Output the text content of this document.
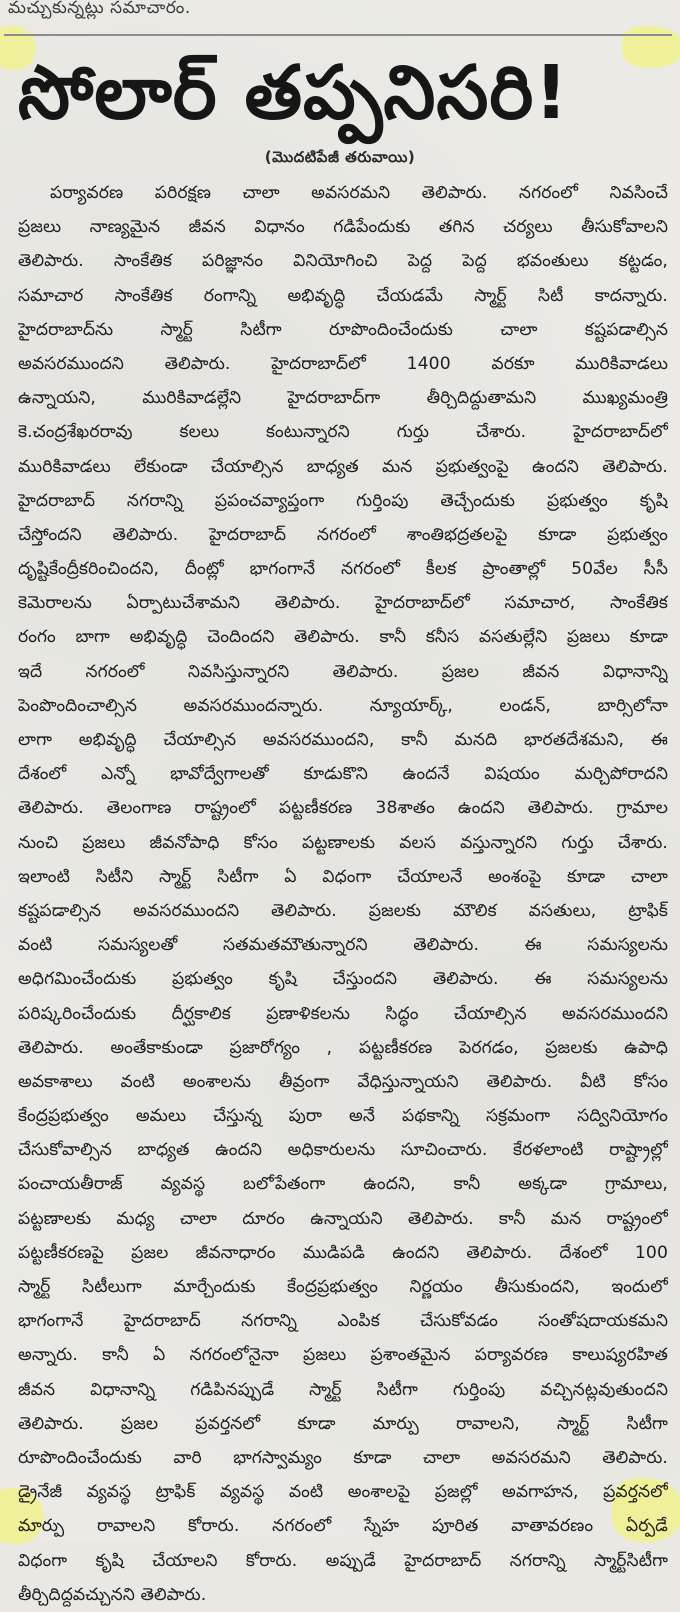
మచ్చుకున్నట్లు సమాచారం.
సోలార్ తప్పనిసరి!
(మొదటిపేజీ తరువాయి)
పర్యావరణ పరిరక్షణ చాలా అవసరమని తెలిపారు. నగరంలో నివసించే
ప్రజలు నాణ్యమైన జీవన విధానం గడిపేందుకు తగిన చర్యలు తీసుకోవాలని
తెలిపారు. సాంకేతిక పరిజ్ఞానం వినియోగించి పెద్ద పెద్ద భవంతులు కట్టడం,
సమాచార సాంకేతిక రంగాన్ని అభివృద్ధి చేయడమే స్మార్ట్ సిటీ కాదన్నారు.
హైదరాబాద్‌ను స్మార్ట్ సిటీగా రూపొందించేందుకు చాలా కష్టపడాల్సిన
అవసరముందని తెలిపారు. హైదరాబాద్‌లో 1400 వరకూ మురికివాడలు
ఉన్నాయని, మురికివాడల్లేని హైదరాబాద్‌గా తీర్చిదిద్దుతామని ముఖ్యమంత్రి
కె.చంద్రశేఖరరావు కలలు కంటున్నారని గుర్తు చేశారు. హైదరాబాద్‌లో
మురికివాడలు లేకుండా చేయాల్సిన బాధ్యత మన ప్రభుత్వంపై ఉందని తెలిపారు.
హైదరాబాద్ నగరాన్ని ప్రపంచవ్యాప్తంగా గుర్తింపు తెచ్చేందుకు ప్రభుత్వం కృషి
చేస్తోందని తెలిపారు. హైదరాబాద్ నగరంలో శాంతిభద్రతలపై కూడా ప్రభుత్వం
దృష్టికేంద్రీకరించిందని, దీంట్లో భాగంగానే నగరంలో కీలక ప్రాంతాల్లో 50వేల సీసీ
కెమెరాలను ఏర్పాటుచేశామని తెలిపారు. హైదరాబాద్‌లో సమాచార, సాంకేతిక
రంగం బాగా అభివృద్ధి చెందిందని తెలిపారు. కానీ కనీస వసతుల్లేని ప్రజలు కూడా
ఇదే నగరంలో నివసిస్తున్నారని తెలిపారు. ప్రజల జీవన విధానాన్ని
పెంపొందించాల్సిన అవసరముందన్నారు. న్యూయార్క్, లండన్, బార్సిలోనా
లాగా అభివృద్ధి చేయాల్సిన అవసరముందని, కానీ మనది భారతదేశమని, ఈ
దేశంలో ఎన్నో భావోద్వేగాలతో కూడుకొని ఉందనే విషయం మర్చిపోరాదని
తెలిపారు. తెలంగాణ రాష్ట్రంలో పట్టణీకరణ 38శాతం ఉందని తెలిపారు. గ్రామాల
నుంచి ప్రజలు జీవనోపాధి కోసం పట్టణాలకు వలస వస్తున్నారని గుర్తు చేశారు.
ఇలాంటి సిటీని స్మార్ట్ సిటీగా ఏ విధంగా చేయాలనే అంశంపై కూడా చాలా
కష్టపడాల్సిన అవసరముందని తెలిపారు. ప్రజలకు మౌలిక వసతులు, ట్రాఫిక్
వంటి సమస్యలతో సతమతమౌతున్నారని తెలిపారు. ఈ సమస్యలను
అధిగమించేందుకు ప్రభుత్వం కృషి చేస్తుందని తెలిపారు. ఈ సమస్యలను
పరిష్కరించేందుకు దీర్ఘకాలిక ప్రణాళికలను సిద్ధం చేయాల్సిన అవసరముందని
తెలిపారు. అంతేకాకుండా ప్రజారోగ్యం , పట్టణీకరణ పెరగడం, ప్రజలకు ఉపాధి
అవకాశాలు వంటి అంశాలను తీవ్రంగా వేధిస్తున్నాయని తెలిపారు. వీటి కోసం
కేంద్రప్రభుత్వం అమలు చేస్తున్న పురా అనే పథకాన్ని సక్రమంగా సద్వినియోగం
చేసుకోవాల్సిన బాధ్యత ఉందని అధికారులను సూచించారు. కేరళలాంటి రాష్ట్రాల్లో
పంచాయతీరాజ్ వ్యవస్థ బలోపేతంగా ఉందని, కానీ అక్కడా గ్రామాలు,
పట్టణాలకు మధ్య చాలా దూరం ఉన్నాయని తెలిపారు. కానీ మన రాష్ట్రంలో
పట్టణీకరణపై ప్రజల జీవనాధారం ముడిపడి ఉందని తెలిపారు. దేశంలో 100
స్మార్ట్ సిటీలుగా మార్చేందుకు కేంద్రప్రభుత్వం నిర్ణయం తీసుకుందని, ఇందులో
భాగంగానే హైదరాబాద్ నగరాన్ని ఎంపిక చేసుకోవడం సంతోషదాయకమని
అన్నారు. కానీ ఏ నగరంలోనైనా ప్రజలు ప్రశాంతమైన పర్యావరణ కాలుష్యరహిత
జీవన విధానాన్ని గడిపినప్పుడే స్మార్ట్ సిటీగా గుర్తింపు వచ్చినట్లవుతుందని
తెలిపారు. ప్రజల ప్రవర్తనలో కూడా మార్పు రావాలని, స్మార్ట్ సిటీగా
రూపొందించేందుకు వారి భాగస్వామ్యం కూడా చాలా అవసరమని తెలిపారు.
డ్రైనేజీ వ్యవస్థ ట్రాఫిక్ వ్యవస్థ వంటి అంశాలపై ప్రజల్లో అవగాహన, ప్రవర్తనలో
మార్పు రావాలని కోరారు. నగరంలో స్నేహ పూరిత వాతావరణం ఏర్పడే
విధంగా కృషి చేయాలని కోరారు. అప్పుడే హైదరాబాద్ నగరాన్ని స్మార్ట్‌సిటీగా
తీర్చిదిద్దవచ్చునని తెలిపారు.
